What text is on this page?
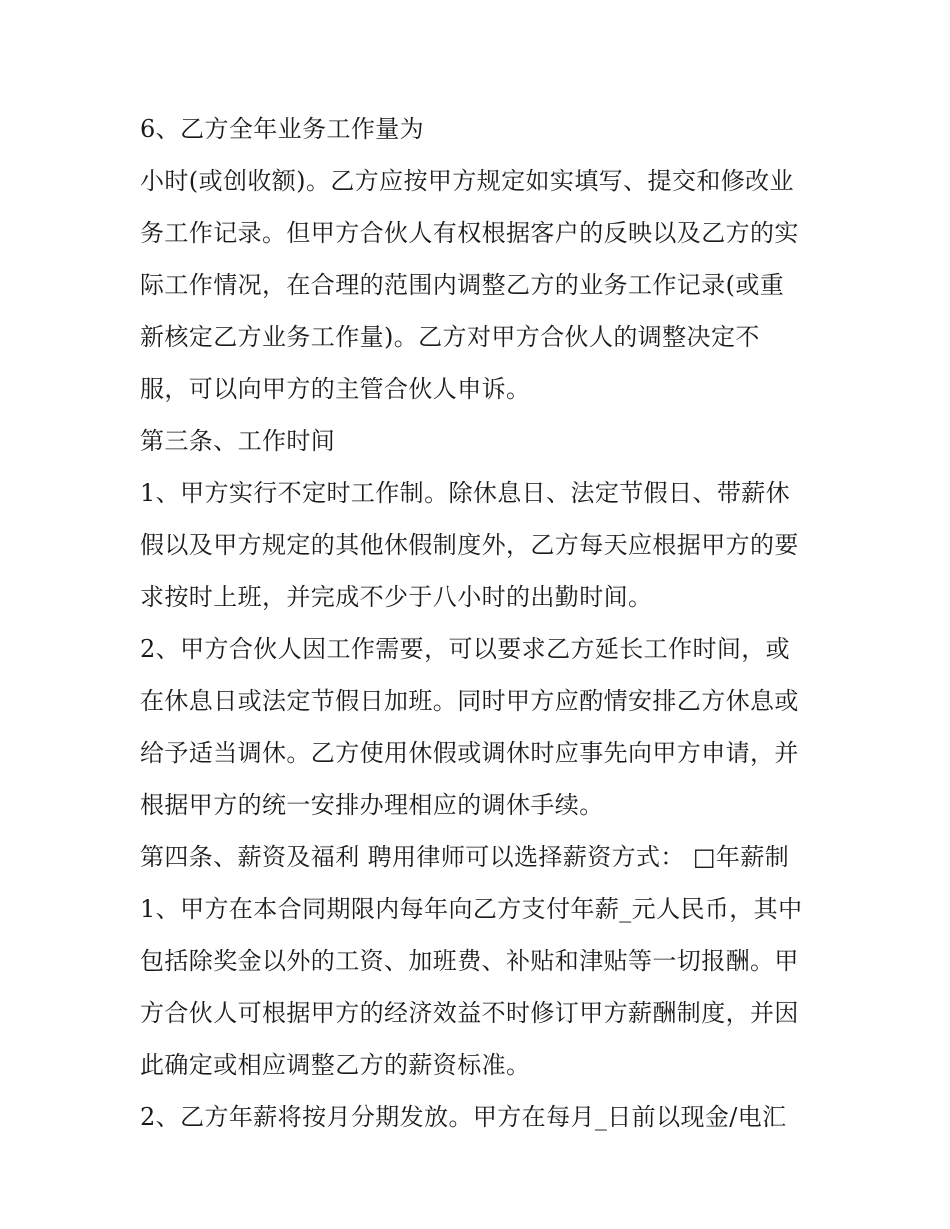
6、乙方全年业务工作量为
小时(或创收额)。乙方应按甲方规定如实填写、提交和修改业
务工作记录。但甲方合伙人有权根据客户的反映以及乙方的实
际工作情况，在合理的范围内调整乙方的业务工作记录(或重
新核定乙方业务工作量)。乙方对甲方合伙人的调整决定不
服，可以向甲方的主管合伙人申诉。
第三条、工作时间
1、甲方实行不定时工作制。除休息日、法定节假日、带薪休
假以及甲方规定的其他休假制度外，乙方每天应根据甲方的要
求按时上班，并完成不少于八小时的出勤时间。
2、甲方合伙人因工作需要，可以要求乙方延长工作时间，或
在休息日或法定节假日加班。同时甲方应酌情安排乙方休息或
给予适当调休。乙方使用休假或调休时应事先向甲方申请，并
根据甲方的统一安排办理相应的调休手续。
第四条、薪资及福利 聘用律师可以选择薪资方式： □年薪制
1、甲方在本合同期限内每年向乙方支付年薪_元人民币，其中
包括除奖金以外的工资、加班费、补贴和津贴等一切报酬。甲
方合伙人可根据甲方的经济效益不时修订甲方薪酬制度，并因
此确定或相应调整乙方的薪资标准。
2、乙方年薪将按月分期发放。甲方在每月_日前以现金/电汇
